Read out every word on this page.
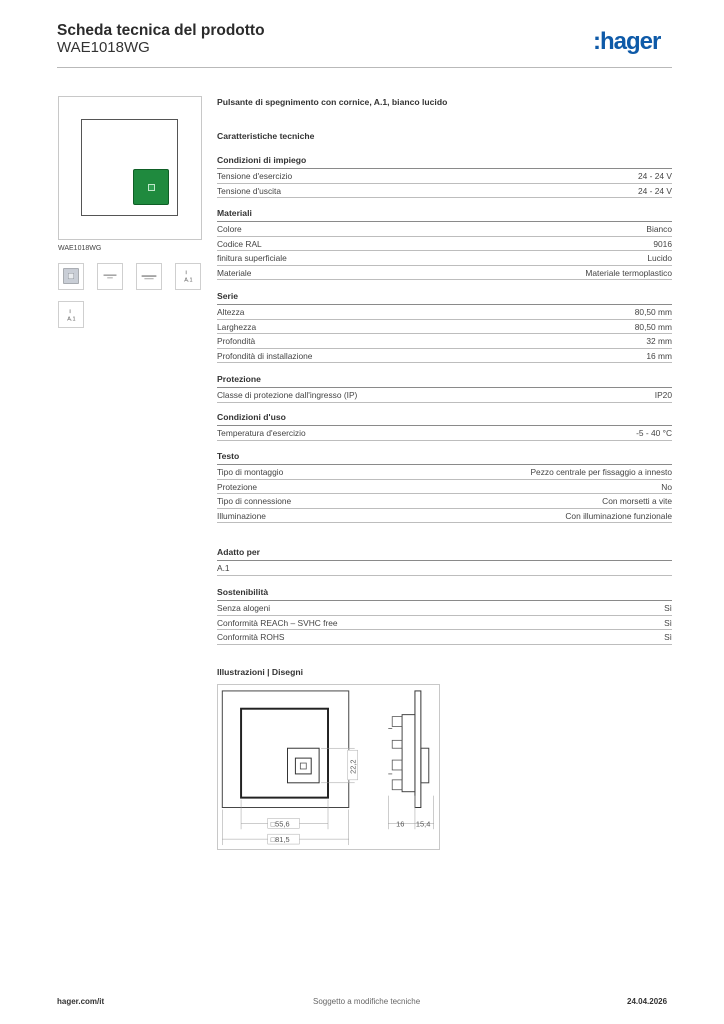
Scheda tecnica del prodotto
WAE1018WG	:hager
WAE1018WG
A.1
A.1
Pulsante di spegnimento con cornice, A.1, bianco lucido
Caratteristiche tecniche
Condizioni di impiego
Tensione d'esercizio	24 - 24 V
Tensione d'uscita	24 - 24 V
Materiali
Colore	Bianco
Codice RAL	9016
finitura superficiale	Lucido
Materiale	Materiale termoplastico
Serie
Altezza	80,50 mm
Larghezza	80,50 mm
Profondità	32 mm
Profondità di installazione	16 mm
Protezione
Classe di protezione dall'ingresso (IP)	IP20
Condizioni d'uso
Temperatura d'esercizio	-5 - 40 °C
Testo
Tipo di montaggio	Pezzo centrale per fissaggio a innesto
Protezione	No
Tipo di connessione	Con morsetti a vite
Illuminazione	Con illuminazione funzionale
Adatto per
A.1
Sostenibilità
Senza alogeni	Sì
Conformità REACh – SVHC free	Sì
Conformità ROHS	Sì
Illustrazioni | Disegni
22,2
□55,6
□81,5
16 15,4
hager.com/it	Soggetto a modifiche tecniche	24.04.2026
